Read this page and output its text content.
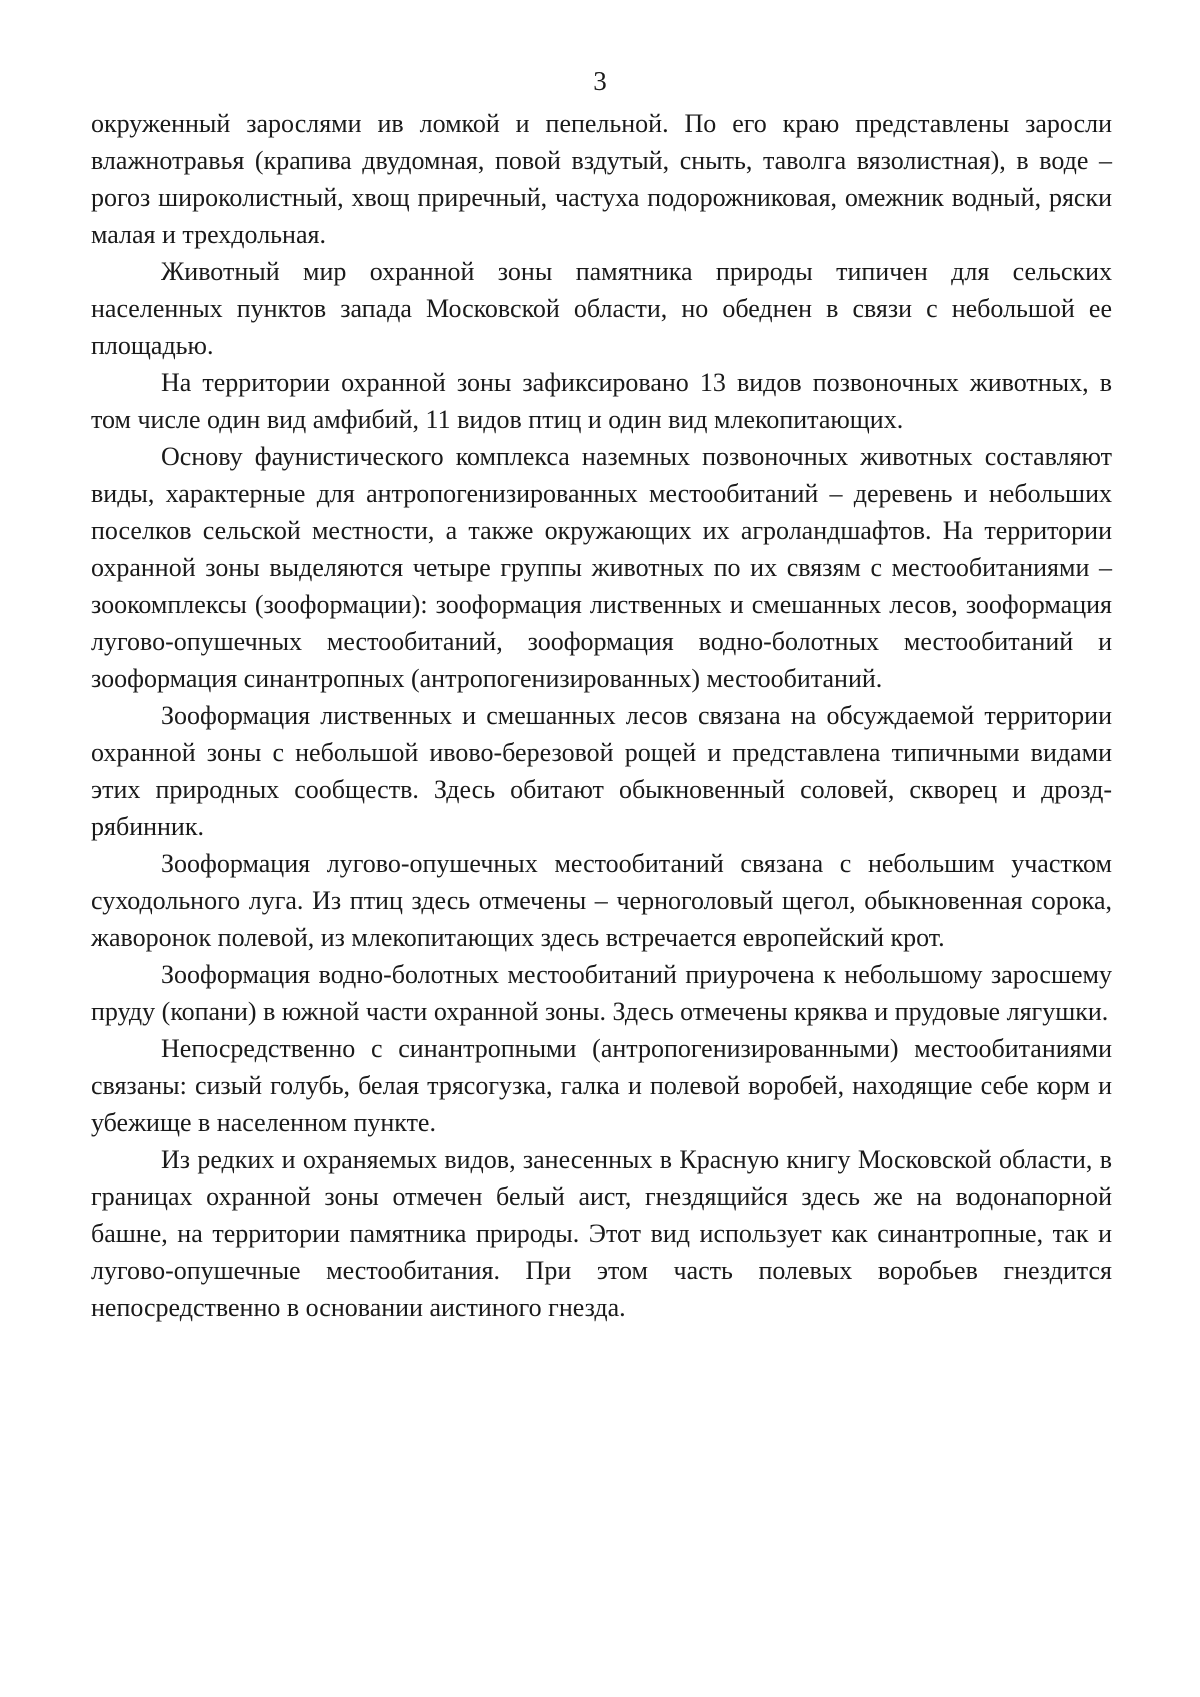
3

окруженный зарослями ив ломкой и пепельной. По его краю представлены заросли влажнотравья (крапива двудомная, повой вздутый, сныть, таволга вязолистная), в воде – рогоз широколистный, хвощ приречный, частуха подорожниковая, омежник водный, ряски малая и трехдольная.

Животный мир охранной зоны памятника природы типичен для сельских населенных пунктов запада Московской области, но обеднен в связи с небольшой ее площадью.

На территории охранной зоны зафиксировано 13 видов позвоночных животных, в том числе один вид амфибий, 11 видов птиц и один вид млекопитающих.

Основу фаунистического комплекса наземных позвоночных животных составляют виды, характерные для антропогенизированных местообитаний – деревень и небольших поселков сельской местности, а также окружающих их агроландшафтов. На территории охранной зоны выделяются четыре группы животных по их связям с местообитаниями –зоокомплексы (зооформации): зооформация лиственных и смешанных лесов, зооформация лугово-опушечных местообитаний, зооформация водно-болотных местообитаний и зооформация синантропных (антропогенизированных) местообитаний.

Зооформация лиственных и смешанных лесов связана на обсуждаемой территории охранной зоны с небольшой ивово-березовой рощей и представлена типичными видами этих природных сообществ. Здесь обитают обыкновенный соловей, скворец и дрозд-рябинник.

Зооформация лугово-опушечных местообитаний связана с небольшим участком суходольного луга. Из птиц здесь отмечены – черноголовый щегол, обыкновенная сорока, жаворонок полевой, из млекопитающих здесь встречается европейский крот.

Зооформация водно-болотных местообитаний приурочена к небольшому заросшему пруду (копани) в южной части охранной зоны. Здесь отмечены кряква и прудовые лягушки.

Непосредственно с синантропными (антропогенизированными) местообитаниями связаны: сизый голубь, белая трясогузка, галка и полевой воробей, находящие себе корм и убежище в населенном пункте.

Из редких и охраняемых видов, занесенных в Красную книгу Московской области, в границах охранной зоны отмечен белый аист, гнездящийся здесь же на водонапорной башне, на территории памятника природы. Этот вид использует как синантропные, так и лугово-опушечные местообитания. При этом часть полевых воробьев гнездится непосредственно в основании аистиного гнезда.
